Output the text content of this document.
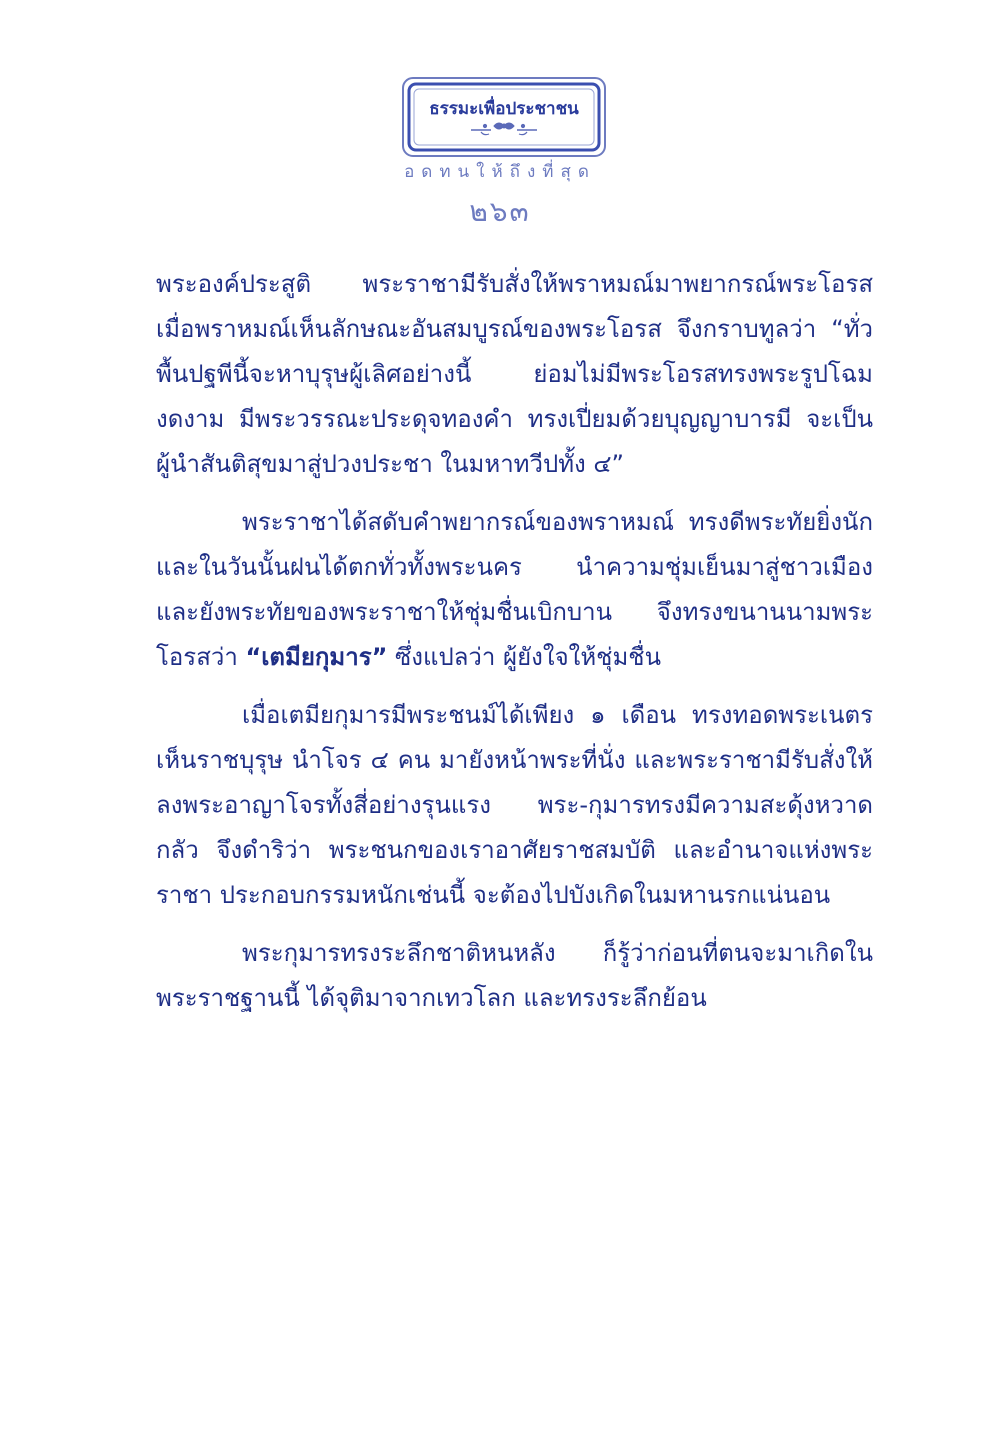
ธรรมะเพื่อประชาชน
อดทนให้ถึงที่สุด
๒๖๓

พระองค์ประสูติ พระราชามีรับสั่งให้พราหมณ์มาพยากรณ์พระโอรส เมื่อพราหมณ์เห็นลักษณะอันสมบูรณ์ของพระโอรส จึงกราบทูลว่า “ทั่วพื้นปฐพีนี้จะหาบุรุษผู้เลิศอย่างนี้ ย่อมไม่มีพระโอรสทรงพระรูปโฉมงดงาม มีพระวรรณะประดุจทองคำ ทรงเปี่ยมด้วยบุญญาบารมี จะเป็นผู้นำสันติสุขมาสู่ปวงประชา ในมหาทวีปทั้ง ๔”

พระราชาได้สดับคำพยากรณ์ของพราหมณ์ ทรงดีพระทัยยิ่งนัก และในวันนั้นฝนได้ตกทั่วทั้งพระนคร นำความชุ่มเย็นมาสู่ชาวเมือง และยังพระทัยของพระราชาให้ชุ่มชื่นเบิกบาน จึงทรงขนานนามพระโอรสว่า “เตมียกุมาร” ซึ่งแปลว่า ผู้ยังใจให้ชุ่มชื่น

เมื่อเตมียกุมารมีพระชนม์ได้เพียง ๑ เดือน ทรงทอดพระเนตรเห็นราชบุรุษ นำโจร ๔ คน มายังหน้าพระที่นั่ง และพระราชามีรับสั่งให้ลงพระอาญาโจรทั้งสี่อย่างรุนแรง พระ-กุมารทรงมีความสะดุ้งหวาดกลัว จึงดำริว่า พระชนกของเราอาศัยราชสมบัติ และอำนาจแห่งพระราชา ประกอบกรรมหนักเช่นนี้ จะต้องไปบังเกิดในมหานรกแน่นอน

พระกุมารทรงระลึกชาติหนหลัง ก็รู้ว่าก่อนที่ตนจะมาเกิดในพระราชฐานนี้ ได้จุติมาจากเทวโลก และทรงระลึกย้อน
